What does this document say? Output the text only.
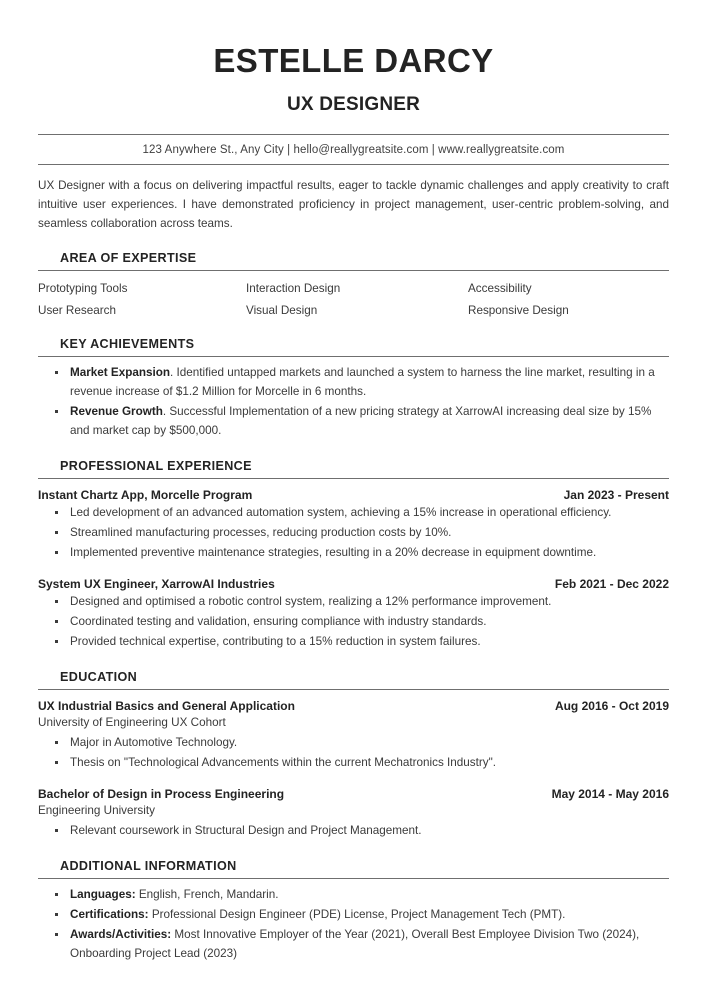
ESTELLE DARCY
UX DESIGNER
123 Anywhere St., Any City | hello@reallygreatsite.com | www.reallygreatsite.com

UX Designer with a focus on delivering impactful results, eager to tackle dynamic challenges and apply creativity to craft intuitive user experiences. I have demonstrated proficiency in project management, user-centric problem-solving, and seamless collaboration across teams.

AREA OF EXPERTISE
Prototyping Tools	Interaction Design	Accessibility
User Research	Visual Design	Responsive Design
KEY ACHIEVEMENTS
Market Expansion. Identified untapped markets and launched a system to harness the line market, resulting in a revenue increase of $1.2 Million for Morcelle in 6 months.
Revenue Growth. Successful Implementation of a new pricing strategy at XarrowAI increasing deal size by 15% and market cap by $500,000.
PROFESSIONAL EXPERIENCE
Instant Chartz App, Morcelle Program	Jan 2023 - Present
Led development of an advanced automation system, achieving a 15% increase in operational efficiency.
Streamlined manufacturing processes, reducing production costs by 10%.
Implemented preventive maintenance strategies, resulting in a 20% decrease in equipment downtime.
System UX Engineer, XarrowAI Industries	Feb 2021 - Dec 2022
Designed and optimised a robotic control system, realizing a 12% performance improvement.
Coordinated testing and validation, ensuring compliance with industry standards.
Provided technical expertise, contributing to a 15% reduction in system failures.
EDUCATION
UX Industrial Basics and General Application	Aug 2016 - Oct 2019
University of Engineering UX Cohort
Major in Automotive Technology.
Thesis on "Technological Advancements within the current Mechatronics Industry".
Bachelor of Design in Process Engineering	May 2014 - May 2016
Engineering University
Relevant coursework in Structural Design and Project Management.
ADDITIONAL INFORMATION
Languages: English, French, Mandarin.
Certifications: Professional Design Engineer (PDE) License, Project Management Tech (PMT).
Awards/Activities: Most Innovative Employer of the Year (2021), Overall Best Employee Division Two (2024), Onboarding Project Lead (2023)
